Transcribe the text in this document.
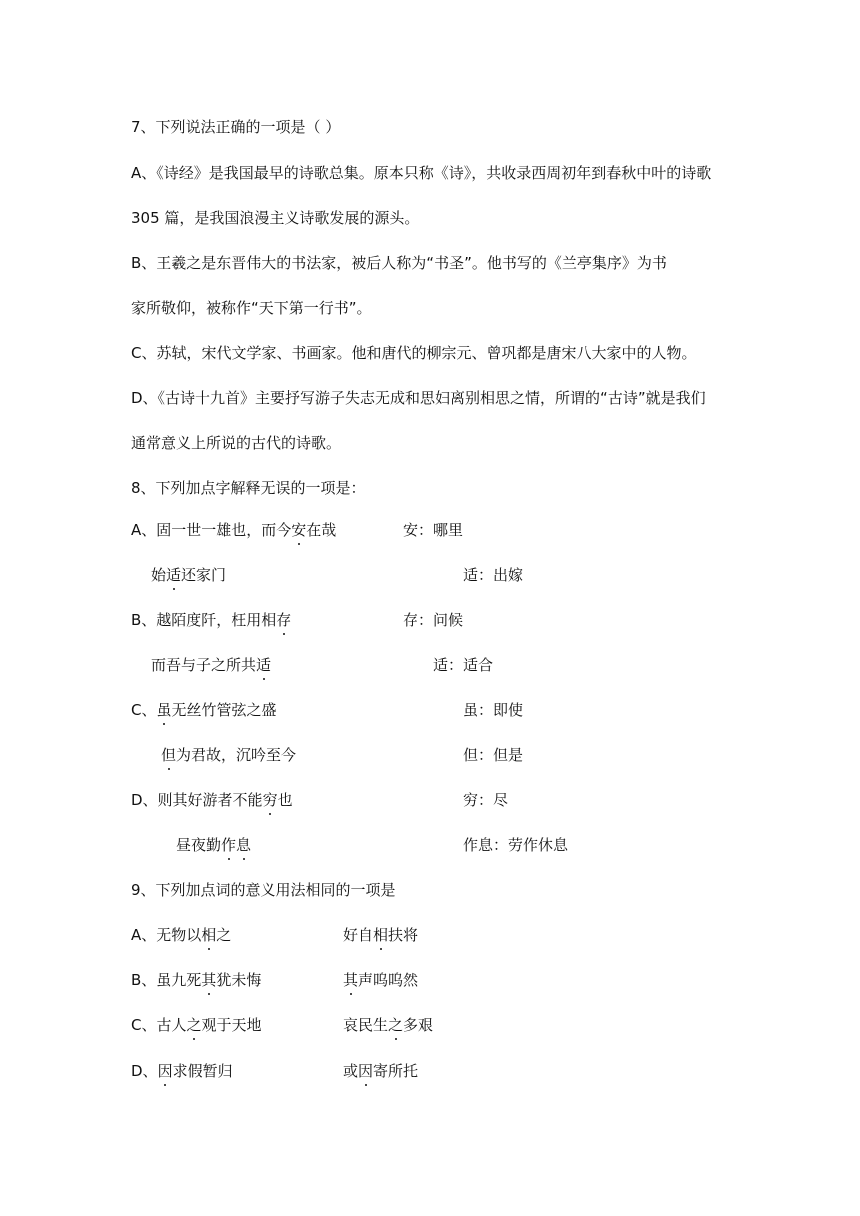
7、下列说法正确的一项是（ ）
A、《诗经》是我国最早的诗歌总集。原本只称《诗》，共收录西周初年到春秋中叶的诗歌
305 篇，是我国浪漫主义诗歌发展的源头。
B、王羲之是东晋伟大的书法家，被后人称为“书圣”。他书写的《兰亭集序》为书
家所敬仰，被称作“天下第一行书”。
C、苏轼，宋代文学家、书画家。他和唐代的柳宗元、曾巩都是唐宋八大家中的人物。
D、《古诗十九首》主要抒写游子失志无成和思妇离别相思之情，所谓的“古诗”就是我们
通常意义上所说的古代的诗歌。
8、下列加点字解释无误的一项是：
A、固一世一雄也，而今安在哉	安：哪里
始适还家门	适：出嫁
B、越陌度阡，枉用相存	存：问候
而吾与子之所共适	适：适合
C、虽无丝竹管弦之盛	虽：即使
但为君故，沉吟至今	但：但是
D、则其好游者不能穷也	穷：尽
昼夜勤作息	作息：劳作休息
9、下列加点词的意义用法相同的一项是
A、无物以相之	好自相扶将
B、虽九死其犹未悔	其声呜呜然
C、古人之观于天地	哀民生之多艰
D、因求假暂归	或因寄所托
